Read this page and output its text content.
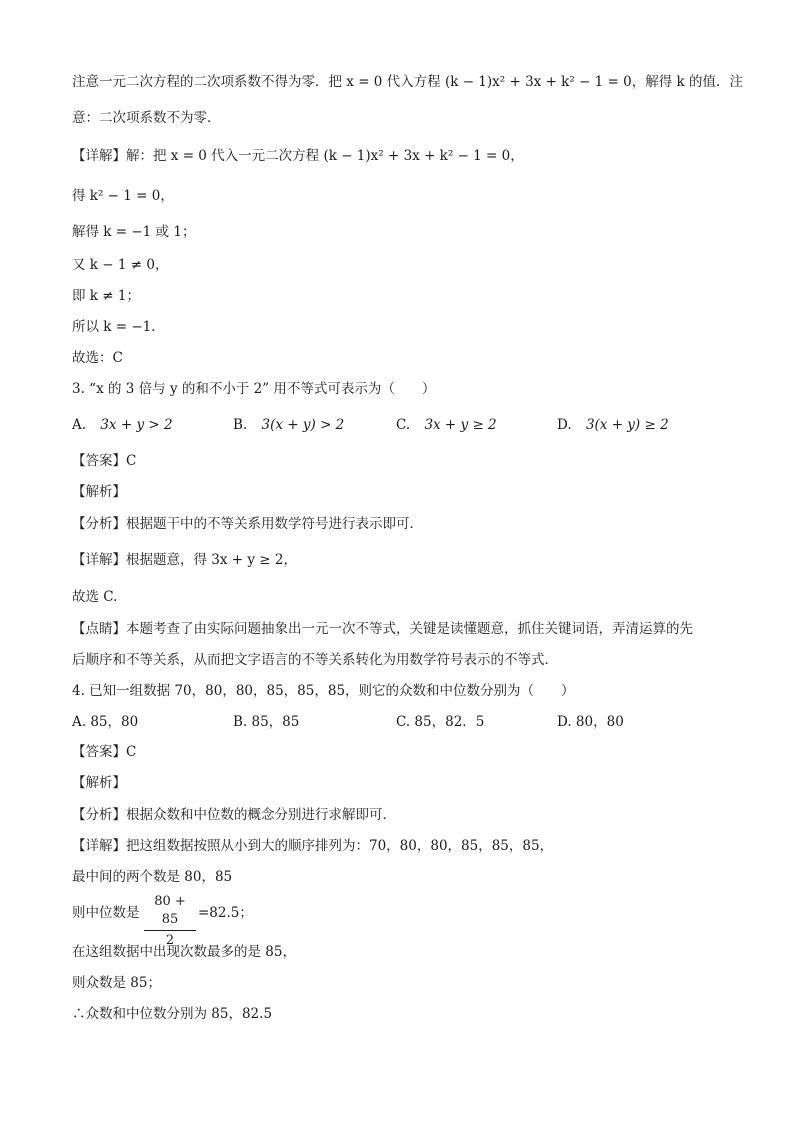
注意一元二次方程的二次项系数不得为零．把 x = 0 代入方程 (k − 1)x² + 3x + k² − 1 = 0，解得 k 的值．注
意：二次项系数不为零．
【详解】解：把 x = 0 代入一元二次方程 (k − 1)x² + 3x + k² − 1 = 0，
得 k² − 1 = 0，
解得 k = −1 或 1；
又 k − 1 ≠ 0，
即 k ≠ 1；
所以 k = −1．
故选：C
3. “x 的 3 倍与 y 的和不小于 2” 用不等式可表示为（　　）
A. 3x + y > 2	B. 3(x + y) > 2	C. 3x + y ≥ 2	D. 3(x + y) ≥ 2
【答案】C
【解析】
【分析】根据题干中的不等关系用数学符号进行表示即可．
【详解】根据题意，得 3x + y ≥ 2，
故选 C.
【点睛】本题考查了由实际问题抽象出一元一次不等式，关键是读懂题意，抓住关键词语，弄清运算的先
后顺序和不等关系，从而把文字语言的不等关系转化为用数学符号表示的不等式．
4. 已知一组数据 70，80，80，85，85，85，则它的众数和中位数分别为（　　）
A. 85，80	B. 85，85	C. 85，82．5	D. 80，80
【答案】C
【解析】
【分析】根据众数和中位数的概念分别进行求解即可．
【详解】把这组数据按照从小到大的顺序排列为：70，80，80，85，85，85，
最中间的两个数是 80，85
则中位数是
80 + 85
2
=82.5；
在这组数据中出现次数最多的是 85，
则众数是 85；
∴众数和中位数分别为 85，82.5
